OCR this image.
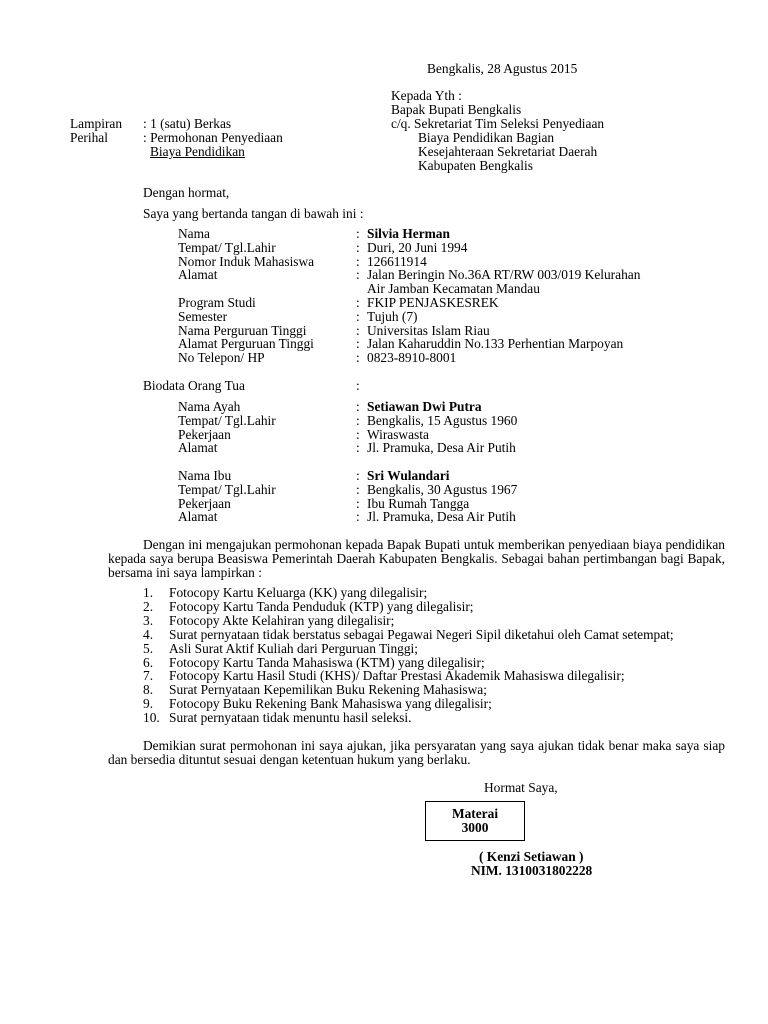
Bengkalis, 28 Agustus 2015
Kepada Yth :
Bapak Bupati Bengkalis
c/q. Sekretariat Tim Seleksi Penyediaan
Biaya Pendidikan Bagian
Kesejahteraan Sekretariat Daerah
Kabupaten Bengkalis
Lampiran : 1 (satu) Berkas
Perihal	: Permohonan Penyediaan
Biaya Pendidikan
Dengan hormat,
Saya yang bertanda tangan di bawah ini :
Nama	: Silvia Herman
Tempat/ Tgl.Lahir	: Duri, 20 Juni 1994
Nomor Induk Mahasiswa	: 126611914
Alamat	: Jalan Beringin No.36A RT/RW 003/019 Kelurahan
Air Jamban Kecamatan Mandau
Program Studi	: FKIP PENJASKESREK
Semester	: Tujuh (7)
Nama Perguruan Tinggi	: Universitas Islam Riau
Alamat Perguruan Tinggi	: Jalan Kaharuddin No.133 Perhentian Marpoyan
No Telepon/ HP	: 0823-8910-8001
Biodata Orang Tua	:
Nama Ayah	: Setiawan Dwi Putra
Tempat/ Tgl.Lahir	: Bengkalis, 15 Agustus 1960
Pekerjaan	: Wiraswasta
Alamat	: Jl. Pramuka, Desa Air Putih
Nama Ibu	: Sri Wulandari
Tempat/ Tgl.Lahir	: Bengkalis, 30 Agustus 1967
Pekerjaan	: Ibu Rumah Tangga
Alamat	: Jl. Pramuka, Desa Air Putih
Dengan ini mengajukan permohonan kepada Bapak Bupati untuk memberikan penyediaan biaya pendidikan kepada saya berupa Beasiswa Pemerintah Daerah Kabupaten Bengkalis. Sebagai bahan pertimbangan bagi Bapak, bersama ini saya lampirkan :
1. Fotocopy Kartu Keluarga (KK) yang dilegalisir;
2. Fotocopy Kartu Tanda Penduduk (KTP) yang dilegalisir;
3. Fotocopy Akte Kelahiran yang dilegalisir;
4. Surat pernyataan tidak berstatus sebagai Pegawai Negeri Sipil diketahui oleh Camat setempat;
5. Asli Surat Aktif Kuliah dari Perguruan Tinggi;
6. Fotocopy Kartu Tanda Mahasiswa (KTM) yang dilegalisir;
7. Fotocopy Kartu Hasil Studi (KHS)/ Daftar Prestasi Akademik Mahasiswa dilegalisir;
8. Surat Pernyataan Kepemilikan Buku Rekening Mahasiswa;
9. Fotocopy Buku Rekening Bank Mahasiswa yang dilegalisir;
10. Surat pernyataan tidak menuntu hasil seleksi.
Demikian surat permohonan ini saya ajukan, jika persyaratan yang saya ajukan tidak benar maka saya siap dan bersedia dituntut sesuai dengan ketentuan hukum yang berlaku.
Hormat Saya,
Materai
3000
( Kenzi Setiawan )
NIM. 1310031802228
